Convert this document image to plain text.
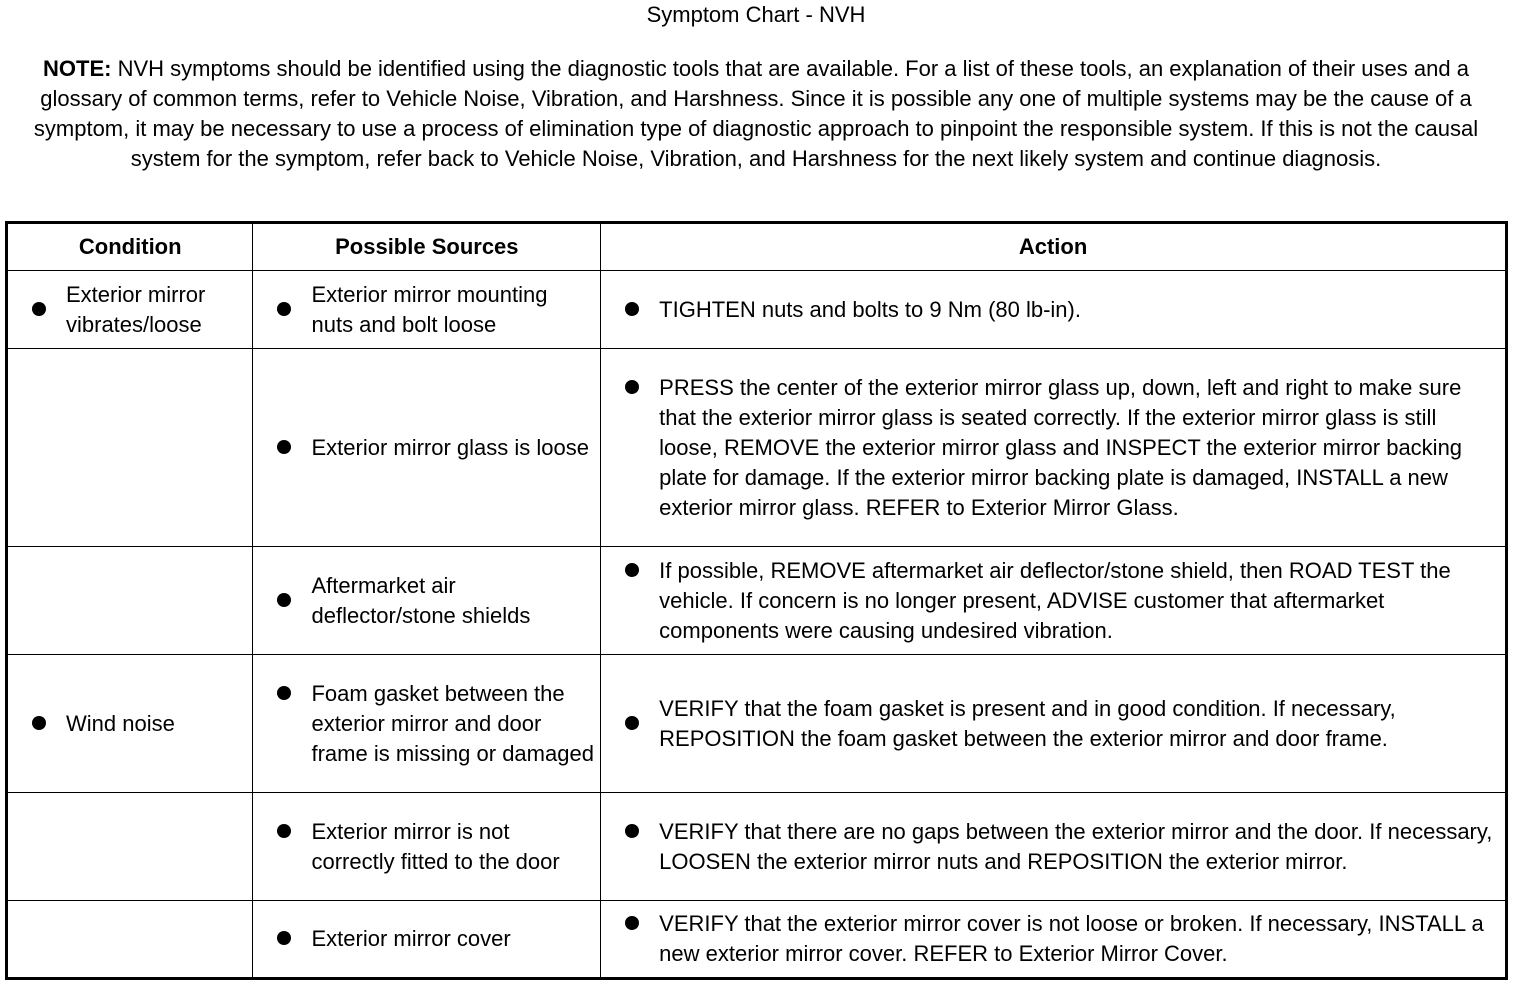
Symptom Chart - NVH
NOTE: NVH symptoms should be identified using the diagnostic tools that are available. For a list of these tools, an explanation of their uses and a glossary of common terms, refer to Vehicle Noise, Vibration, and Harshness. Since it is possible any one of multiple systems may be the cause of a symptom, it may be necessary to use a process of elimination type of diagnostic approach to pinpoint the responsible system. If this is not the causal system for the symptom, refer back to Vehicle Noise, Vibration, and Harshness for the next likely system and continue diagnosis.
Condition	Possible Sources	Action

Exterior mirror vibrates/loose	Exterior mirror mounting nuts and bolt loose	TIGHTEN nuts and bolts to 9 Nm (80 lb-in).

	Exterior mirror glass is loose	PRESS the center of the exterior mirror glass up, down, left and right to make sure that the exterior mirror glass is seated correctly. If the exterior mirror glass is still loose, REMOVE the exterior mirror glass and INSPECT the exterior mirror backing plate for damage. If the exterior mirror backing plate is damaged, INSTALL a new exterior mirror glass. REFER to Exterior Mirror Glass.

	Aftermarket air deflector/stone shields	If possible, REMOVE aftermarket air deflector/stone shield, then ROAD TEST the vehicle. If concern is no longer present, ADVISE customer that aftermarket components were causing undesired vibration.

Wind noise	Foam gasket between the exterior mirror and door frame is missing or damaged	VERIFY that the foam gasket is present and in good condition. If necessary, REPOSITION the foam gasket between the exterior mirror and door frame.

	Exterior mirror is not correctly fitted to the door	VERIFY that there are no gaps between the exterior mirror and the door. If necessary, LOOSEN the exterior mirror nuts and REPOSITION the exterior mirror.

	Exterior mirror cover	VERIFY that the exterior mirror cover is not loose or broken. If necessary, INSTALL a new exterior mirror cover. REFER to Exterior Mirror Cover.
